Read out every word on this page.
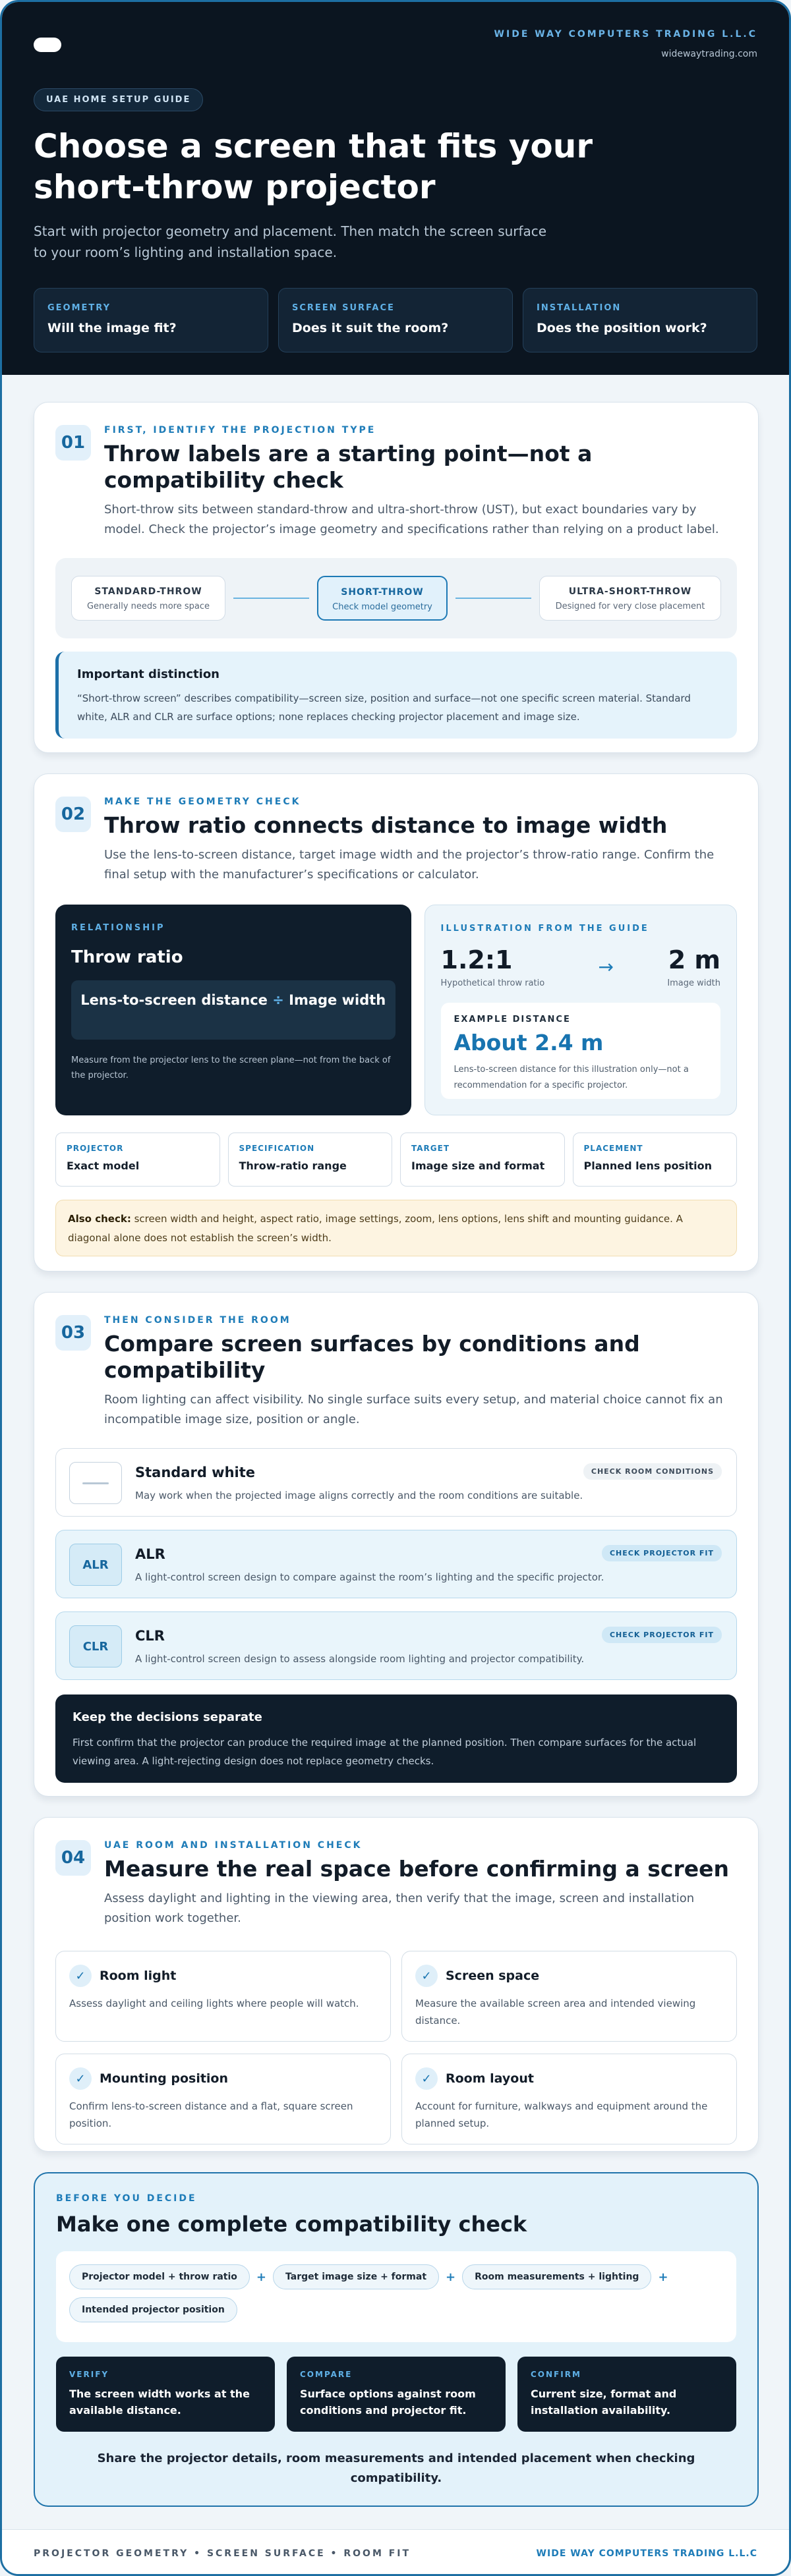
WIDE WAY COMPUTERS TRADING L.L.C
widewaytrading.com
UAE HOME SETUP GUIDE
Choose a screen that fits your short-throw projector

Start with projector geometry and placement. Then match the screen surface to your room’s lighting and installation space.

GEOMETRY
Will the image fit?
SCREEN SURFACE
Does it suit the room?
INSTALLATION
Does the position work?
01
FIRST, IDENTIFY THE PROJECTION TYPE
Throw labels are a starting point—not a compatibility check

Short-throw sits between standard-throw and ultra-short-throw (UST), but exact boundaries vary by model. Check the projector’s image geometry and specifications rather than relying on a product label.

STANDARD-THROW
Generally needs more space
SHORT-THROW
Check model geometry
ULTRA-SHORT-THROW
Designed for very close placement
Important distinction
“Short-throw screen” describes compatibility—screen size, position and surface—not one specific screen material. Standard white, ALR and CLR are surface options; none replaces checking projector placement and image size.
02
MAKE THE GEOMETRY CHECK
Throw ratio connects distance to image width

Use the lens-to-screen distance, target image width and the projector’s throw-ratio range. Confirm the final setup with the manufacturer’s specifications or calculator.

RELATIONSHIP
Throw ratio
Lens-to-screen distance ÷ Image width
Measure from the projector lens to the screen plane—not from the back of the projector.
ILLUSTRATION FROM THE GUIDE
1.2:1
Hypothetical throw ratio
→ 2 m
Image width
EXAMPLE DISTANCE
About 2.4 m
Lens-to-screen distance for this illustration only—not a recommendation for a specific projector.
PROJECTOR
Exact model
SPECIFICATION
Throw-ratio range
TARGET
Image size and format
PLACEMENT
Planned lens position
Also check: screen width and height, aspect ratio, image settings, zoom, lens options, lens shift and mounting guidance. A diagonal alone does not establish the screen’s width.
03
THEN CONSIDER THE ROOM
Compare screen surfaces by conditions and compatibility

Room lighting can affect visibility. No single surface suits every setup, and material choice cannot fix an incompatible image size, position or angle.

Standard white
May work when the projected image aligns correctly and the room conditions are suitable.
CHECK ROOM CONDITIONS
ALR
ALR
A light-control screen design to compare against the room’s lighting and the specific projector.
CHECK PROJECTOR FIT
CLR
CLR
A light-control screen design to assess alongside room lighting and projector compatibility.
CHECK PROJECTOR FIT
Keep the decisions separate
First confirm that the projector can produce the required image at the planned position. Then compare surfaces for the actual viewing area. A light-rejecting design does not replace geometry checks.
04
UAE ROOM AND INSTALLATION CHECK
Measure the real space before confirming a screen

Assess daylight and lighting in the viewing area, then verify that the image, screen and installation position work together.

✓	Room light
Assess daylight and ceiling lights where people will watch.
✓	Screen space
Measure the available screen area and intended viewing distance.
✓	Mounting position
Confirm lens-to-screen distance and a flat, square screen position.
✓	Room layout
Account for furniture, walkways and equipment around the planned setup.
BEFORE YOU DECIDE
Make one complete compatibility check
Projector model + throw ratio	+	Target image size + format	+	Room measurements + lighting	+
Intended projector position
VERIFY
The screen width works at the available distance.
COMPARE
Surface options against room conditions and projector fit.
CONFIRM
Current size, format and installation availability.

Share the projector details, room measurements and intended placement when checking compatibility.

PROJECTOR GEOMETRY • SCREEN SURFACE • ROOM FIT	WIDE WAY COMPUTERS TRADING L.L.C
